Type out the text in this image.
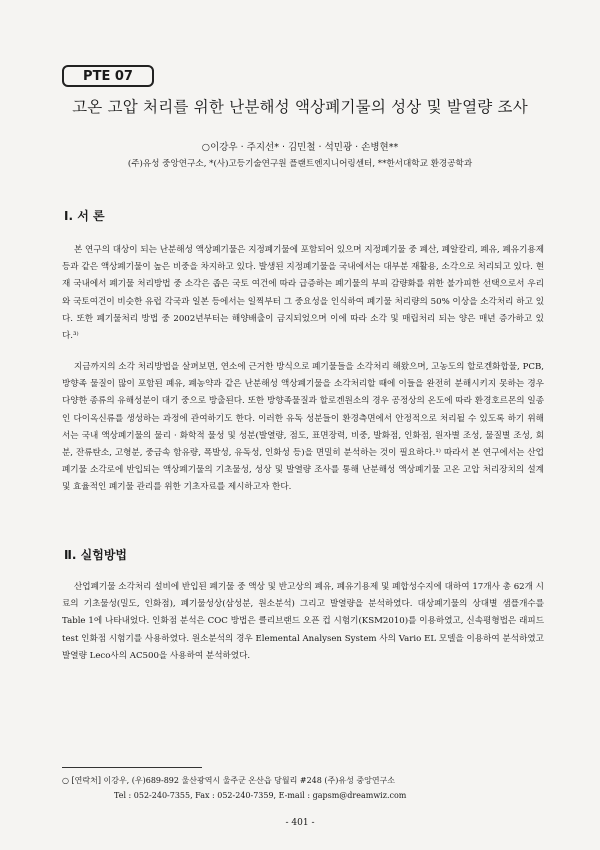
PTE 07
고온 고압 처리를 위한 난분해성 액상폐기물의 성상 및 발열량 조사
○이강우 · 주지선* · 김민철 · 석민광 · 손병현**
(주)유성 중앙연구소, *(사)고등기술연구원 플랜트엔지니어링센터, **한서대학교 환경공학과
Ⅰ. 서 론
본 연구의 대상이 되는 난분해성 액상폐기물은 지정폐기물에 포함되어 있으며 지정폐기물 중 폐산, 폐알칼리, 폐유, 폐유기용제 등과 같은 액상폐기물이 높은 비중을 차지하고 있다. 발생된 지정폐기물을 국내에서는 대부분 재활용, 소각으로 처리되고 있다. 현재 국내에서 폐기물 처리방법 중 소각은 좁은 국토 여건에 따라 급증하는 폐기물의 부피 감량화를 위한 불가피한 선택으로서 우리와 국토여건이 비슷한 유럽 각국과 일본 등에서는 일찍부터 그 중요성을 인식하여 폐기물 처리량의 50% 이상을 소각처리 하고 있다. 또한 폐기물처리 방법 중 2002년부터는 해양배출이 금지되었으며 이에 따라 소각 및 매립처리 되는 양은 매년 증가하고 있다.³⁾
지금까지의 소각 처리방법을 살펴보면, 연소에 근거한 방식으로 폐기물들을 소각처리 해왔으며, 고농도의 할로겐화합물, PCB, 방향족 물질이 많이 포함된 폐유, 폐농약과 같은 난분해성 액상폐기물을 소각처리할 때에 이들을 완전히 분해시키지 못하는 경우 다양한 종류의 유해성분이 대기 중으로 방출된다. 또한 방향족물질과 할로겐원소의 경우 공정상의 온도에 따라 환경호르몬의 일종인 다이옥신류를 생성하는 과정에 관여하기도 한다. 이러한 유독 성분들이 환경측면에서 안정적으로 처리될 수 있도록 하기 위해서는 국내 액상폐기물의 물리 · 화학적 물성 및 성분(발열량, 점도, 표면장력, 비중, 발화점, 인화점, 원자별 조성, 물질별 조성, 회분, 잔류탄소, 고형분, 중금속 함유량, 폭발성, 유독성, 인화성 등)을 면밀히 분석하는 것이 필요하다.¹⁾ 따라서 본 연구에서는 산업폐기물 소각로에 반입되는 액상폐기물의 기초물성, 성상 및 발열량 조사를 통해 난분해성 액상폐기물 고온 고압 처리장치의 설계 및 효율적인 폐기물 관리를 위한 기초자료를 제시하고자 한다.
Ⅱ. 실험방법
산업폐기물 소각처리 설비에 반입된 폐기물 중 액상 및 반고상의 폐유, 폐유기용제 및 폐합성수지에 대하여 17개사 총 62개 시료의 기초물성(밀도, 인화점), 폐기물성상(삼성분, 원소분석) 그리고 발열량을 분석하였다. 대상폐기물의 상대별 샘플개수를 Table 1에 나타내었다. 인화점 분석은 COC 방법은 클리브랜드 오픈 컵 시험기(KSM2010)를 이용하였고, 신속평형법은 래피드 test 인화점 시험기를 사용하였다. 원소분석의 경우 Elemental Analysen System 사의 Vario EL 모델을 이용하여 분석하였고 발열량 Leco사의 AC500을 사용하여 분석하였다.
○ [연락처] 이강우, (우)689-892 울산광역시 울주군 온산읍 당월리 #248 (주)유성 중앙연구소
Tel : 052-240-7355, Fax : 052-240-7359, E-mail : gapsm@dreamwiz.com
- 401 -
